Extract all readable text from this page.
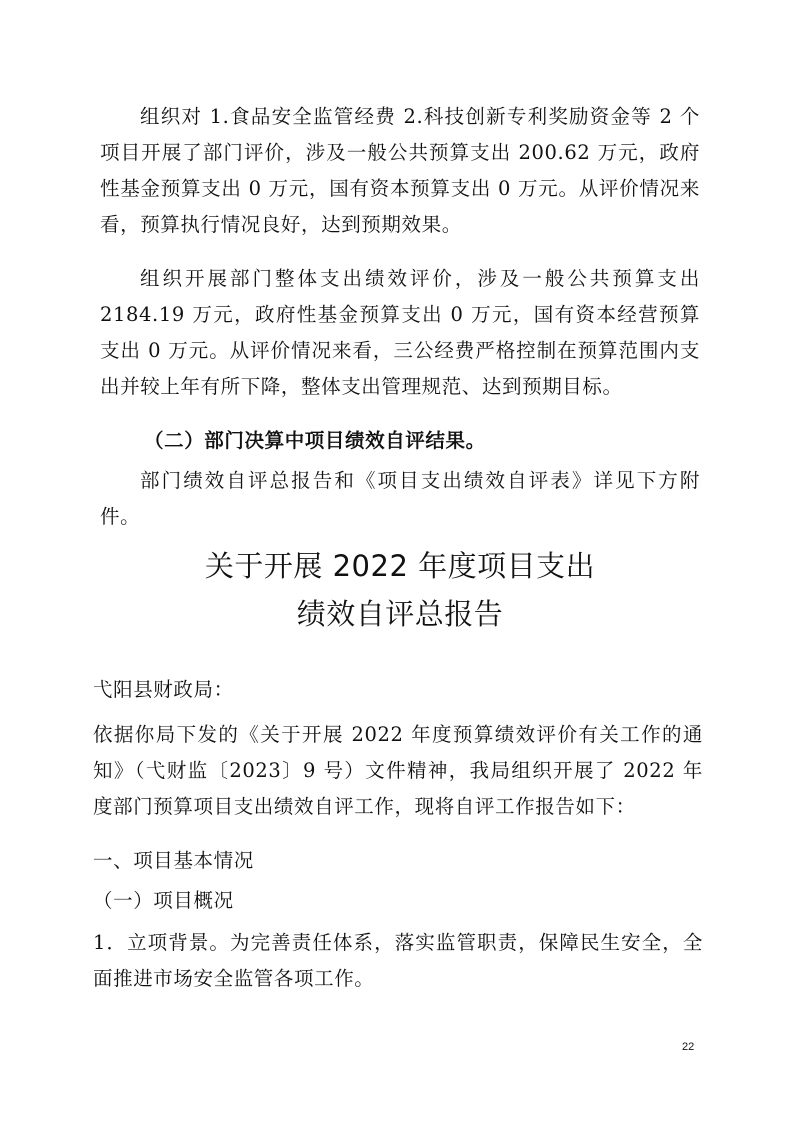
组织对 1.食品安全监管经费 2.科技创新专利奖励资金等 2 个项目开展了部门评价，涉及一般公共预算支出 200.62 万元，政府性基金预算支出 0 万元，国有资本预算支出 0 万元。从评价情况来看，预算执行情况良好，达到预期效果。

组织开展部门整体支出绩效评价，涉及一般公共预算支出2184.19 万元，政府性基金预算支出 0 万元，国有资本经营预算支出 0 万元。从评价情况来看，三公经费严格控制在预算范围内支出并较上年有所下降，整体支出管理规范、达到预期目标。

（二）部门决算中项目绩效自评结果。

部门绩效自评总报告和《项目支出绩效自评表》详见下方附件。

关于开展 2022 年度项目支出
绩效自评总报告

弋阳县财政局：

依据你局下发的《关于开展 2022 年度预算绩效评价有关工作的通知》（弋财监〔2023〕9 号）文件精神，我局组织开展了 2022 年度部门预算项目支出绩效自评工作，现将自评工作报告如下：

一、项目基本情况

（一）项目概况

1．立项背景。为完善责任体系，落实监管职责，保障民生安全，全面推进市场安全监管各项工作。

22
